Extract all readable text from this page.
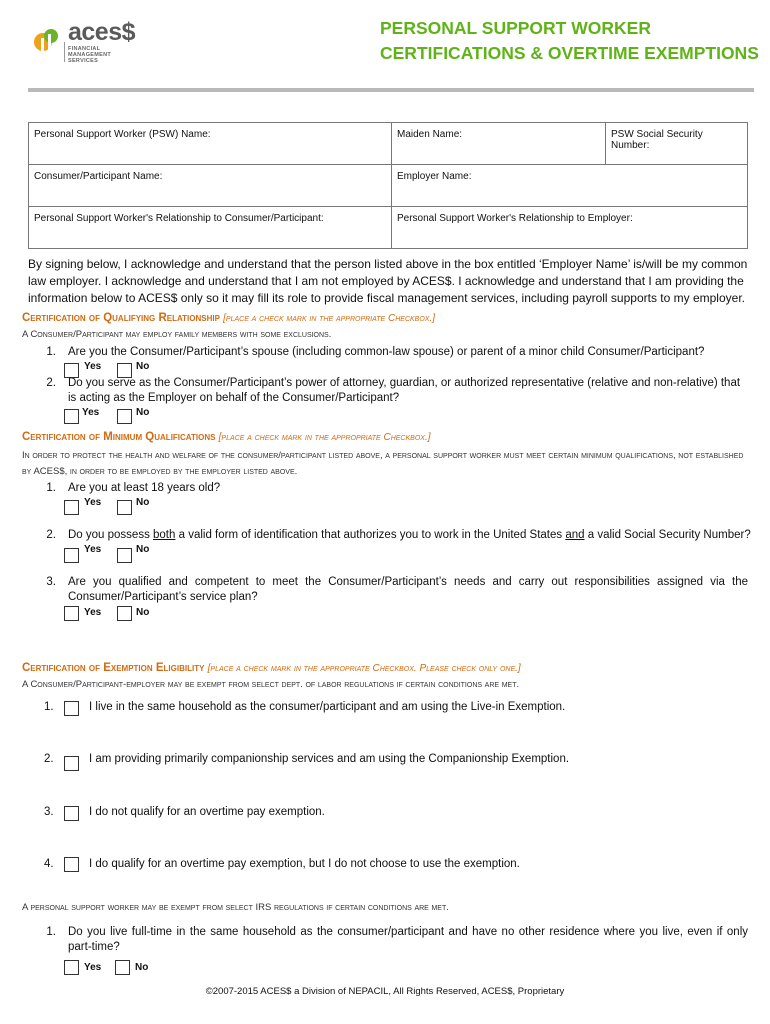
aces$
FINANCIAL
MANAGEMENT
SERVICES
PERSONAL SUPPORT WORKER
CERTIFICATIONS & OVERTIME EXEMPTIONS
Personal Support Worker (PSW) Name:	Maiden Name:	PSW Social Security Number:
Consumer/Participant Name:	Employer Name:	
Personal Support Worker's Relationship to Consumer/Participant:	Personal Support Worker's Relationship to Employer:	
By signing below, I acknowledge and understand that the person listed above in the box entitled ‘Employer Name’ is/will be my common law employer. I acknowledge and understand that I am not employed by ACES$. I acknowledge and understand that I am providing the information below to ACES$ only so it may fill its role to provide fiscal management services, including payroll supports to my employer.
Certification of Qualifying Relationship [place a check mark in the appropriate Checkbox.]
A Consumer/Participant may employ family members with some exclusions.
1. Are you the Consumer/Participant’s spouse (including common-law spouse) or parent of a minor child Consumer/Participant?
Yes	No
2. Do you serve as the Consumer/Participant’s power of attorney, guardian, or authorized representative (relative and non-relative) that is acting as the Employer on behalf of the Consumer/Participant?
Yes	No
Certification of Minimum Qualifications [place a check mark in the appropriate Checkbox.]
In order to protect the health and welfare of the consumer/participant listed above, a personal support worker must meet certain minimum qualifications, not established by ACES$, in order to be employed by the employer listed above.
1. Are you at least 18 years old?
Yes	No
2. Do you possess both a valid form of identification that authorizes you to work in the United States and a valid Social Security Number?
Yes	No
3. Are you qualified and competent to meet the Consumer/Participant’s needs and carry out responsibilities assigned via the Consumer/Participant’s service plan?
Yes	No
Certification of Exemption Eligibility [place a check mark in the appropriate Checkbox. Please check only one.]
A Consumer/Participant-employer may be exempt from select dept. of labor regulations if certain conditions are met.
1.	I live in the same household as the consumer/participant and am using the Live-in Exemption.
2.	I am providing primarily companionship services and am using the Companionship Exemption.
3.	I do not qualify for an overtime pay exemption.
4.	I do qualify for an overtime pay exemption, but I do not choose to use the exemption.
A personal support worker may be exempt from select IRS regulations if certain conditions are met.
1. Do you live full-time in the same household as the consumer/participant and have no other residence where you live, even if only part-time?
Yes	No
©2007-2015 ACES$ a Division of NEPACIL, All Rights Reserved, ACES$, Proprietary
